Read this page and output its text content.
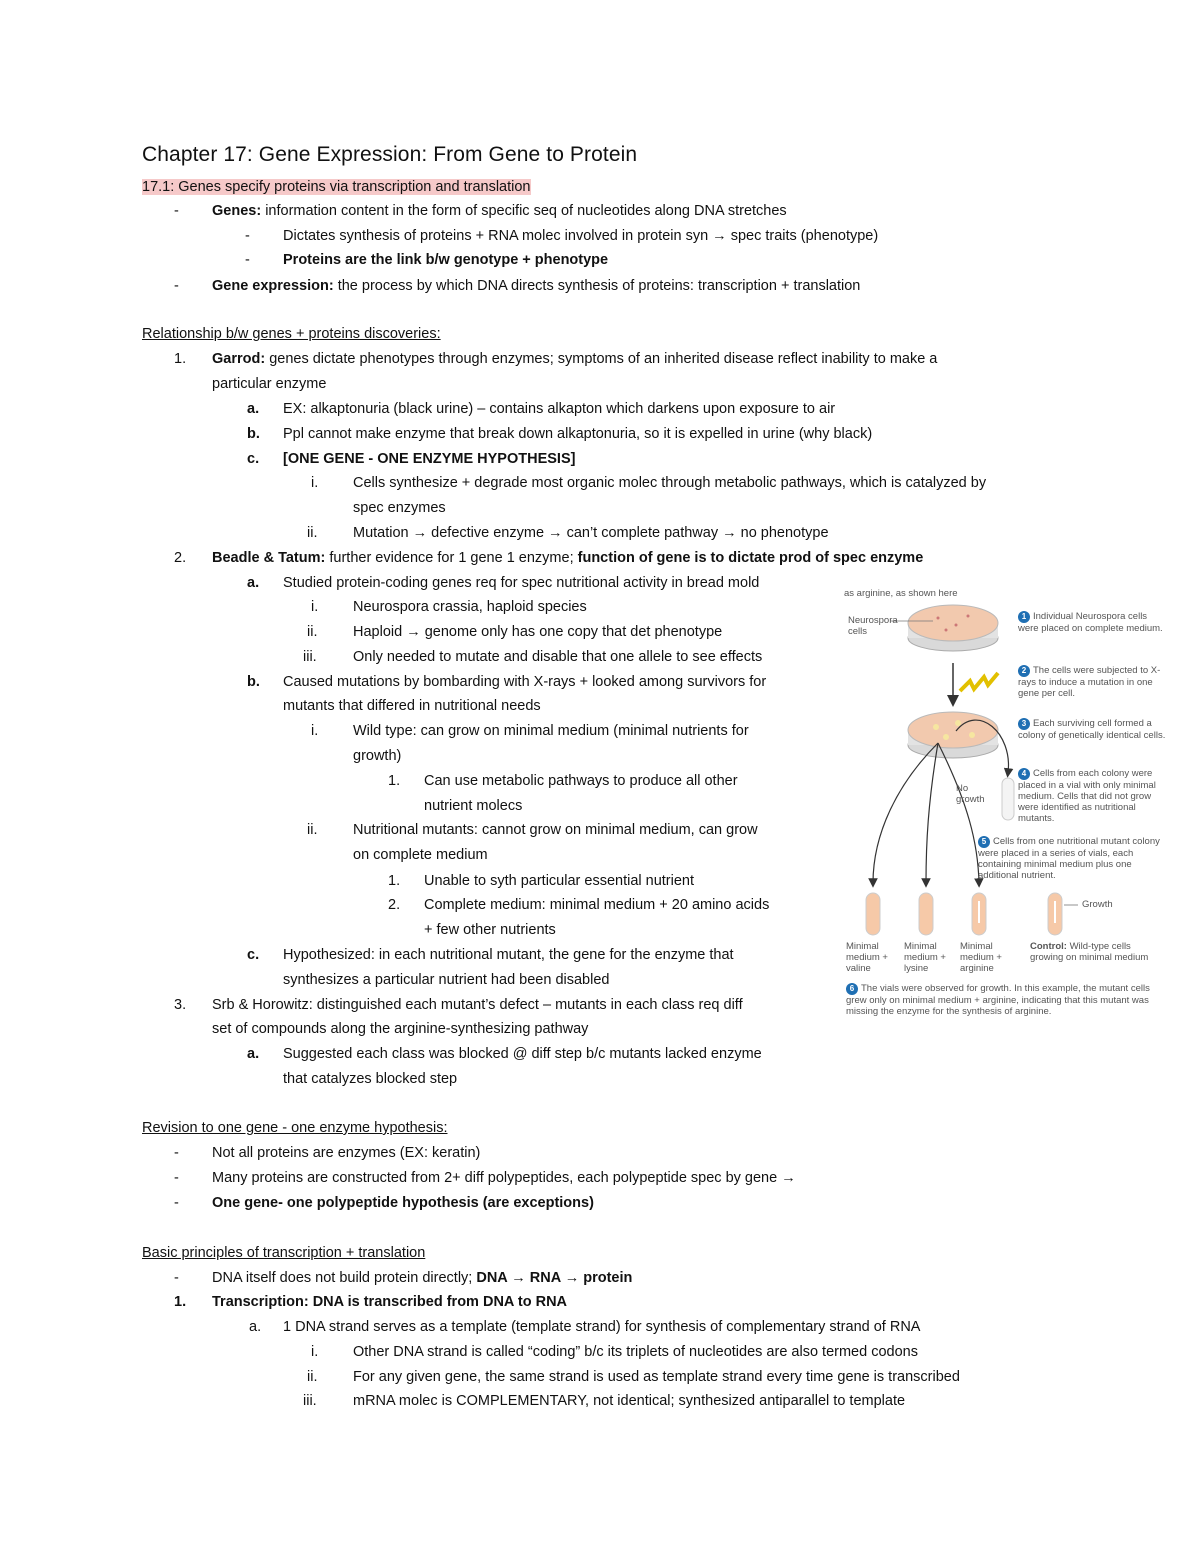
Chapter 17: Gene Expression: From Gene to Protein
17.1: Genes specify proteins via transcription and translation
- Genes: information content in the form of specific seq of nucleotides along DNA stretches
- Dictates synthesis of proteins + RNA molec involved in protein syn → spec traits (phenotype)
- Proteins are the link b/w genotype + phenotype
- Gene expression: the process by which DNA directs synthesis of proteins: transcription + translation
Relationship b/w genes + proteins discoveries:
1. Garrod: genes dictate phenotypes through enzymes; symptoms of an inherited disease reflect inability to make a
particular enzyme
a. EX: alkaptonuria (black urine) – contains alkapton which darkens upon exposure to air
b. Ppl cannot make enzyme that break down alkaptonuria, so it is expelled in urine (why black)
c. [ONE GENE - ONE ENZYME HYPOTHESIS]
i. Cells synthesize + degrade most organic molec through metabolic pathways, which is catalyzed by
spec enzymes
ii. Mutation → defective enzyme → can’t complete pathway → no phenotype
2. Beadle & Tatum: further evidence for 1 gene 1 enzyme; function of gene is to dictate prod of spec enzyme
a. Studied protein-coding genes req for spec nutritional activity in bread mold
i. Neurospora crassia, haploid species
ii. Haploid → genome only has one copy that det phenotype
iii.	Only needed to mutate and disable that one allele to see effects
b. Caused mutations by bombarding with X-rays + looked among survivors for
mutants that differed in nutritional needs
i. Wild type: can grow on minimal medium (minimal nutrients for
growth)
1. Can use metabolic pathways to produce all other
nutrient molecs
ii. Nutritional mutants: cannot grow on minimal medium, can grow
on complete medium
1. Unable to syth particular essential nutrient
2. Complete medium: minimal medium + 20 amino acids
+ few other nutrients
c. Hypothesized: in each nutritional mutant, the gene for the enzyme that
synthesizes a particular nutrient had been disabled
3. Srb & Horowitz: distinguished each mutant’s defect – mutants in each class req diff
set of compounds along the arginine-synthesizing pathway
a. Suggested each class was blocked @ diff step b/c mutants lacked enzyme
that catalyzes blocked step
Revision to one gene - one enzyme hypothesis:
- Not all proteins are enzymes (EX: keratin)
- Many proteins are constructed from 2+ diff polypeptides, each polypeptide spec by gene →
- One gene- one polypeptide hypothesis (are exceptions)
Basic principles of transcription + translation
- DNA itself does not build protein directly; DNA → RNA → protein
1. Transcription: DNA is transcribed from DNA to RNA
a. 1 DNA strand serves as a template (template strand) for synthesis of complementary strand of RNA
i. Other DNA strand is called “coding” b/c its triplets of nucleotides are also termed codons
ii. For any given gene, the same strand is used as template strand every time gene is transcribed
iii.	mRNA molec is COMPLEMENTARY, not identical; synthesized antiparallel to template
as arginine, as shown here
Neurospora cells
1 Individual Neurospora cells were placed on complete medium.
2 The cells were subjected to X-rays to induce a mutation in one gene per cell.
3 Each surviving cell formed a colony of genetically identical cells.
4 Cells from each colony were placed in a vial with only minimal medium. Cells that did not grow were identified as nutritional mutants.
No growth
5 Cells from one nutritional mutant colony were placed in a series of vials, each containing minimal medium plus one additional nutrient.
Growth
Minimal medium + valine
Minimal medium + lysine
Minimal medium + arginine
Control: Wild-type cells growing on minimal medium
6 The vials were observed for growth. In this example, the mutant cells grew only on minimal medium + arginine, indicating that this mutant was missing the enzyme for the synthesis of arginine.
